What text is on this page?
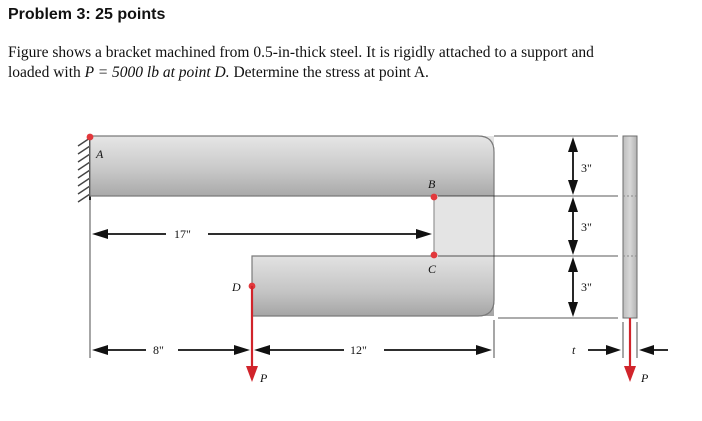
Problem 3: 25 points
Figure shows a bracket machined from 0.5-in-thick steel. It is rigidly attached to a support and
loaded with P = 5000 lb at point D. Determine the stress at point A.
17"
8"	12"
3"
3"
3"
t
A
B
C
D
P	P
